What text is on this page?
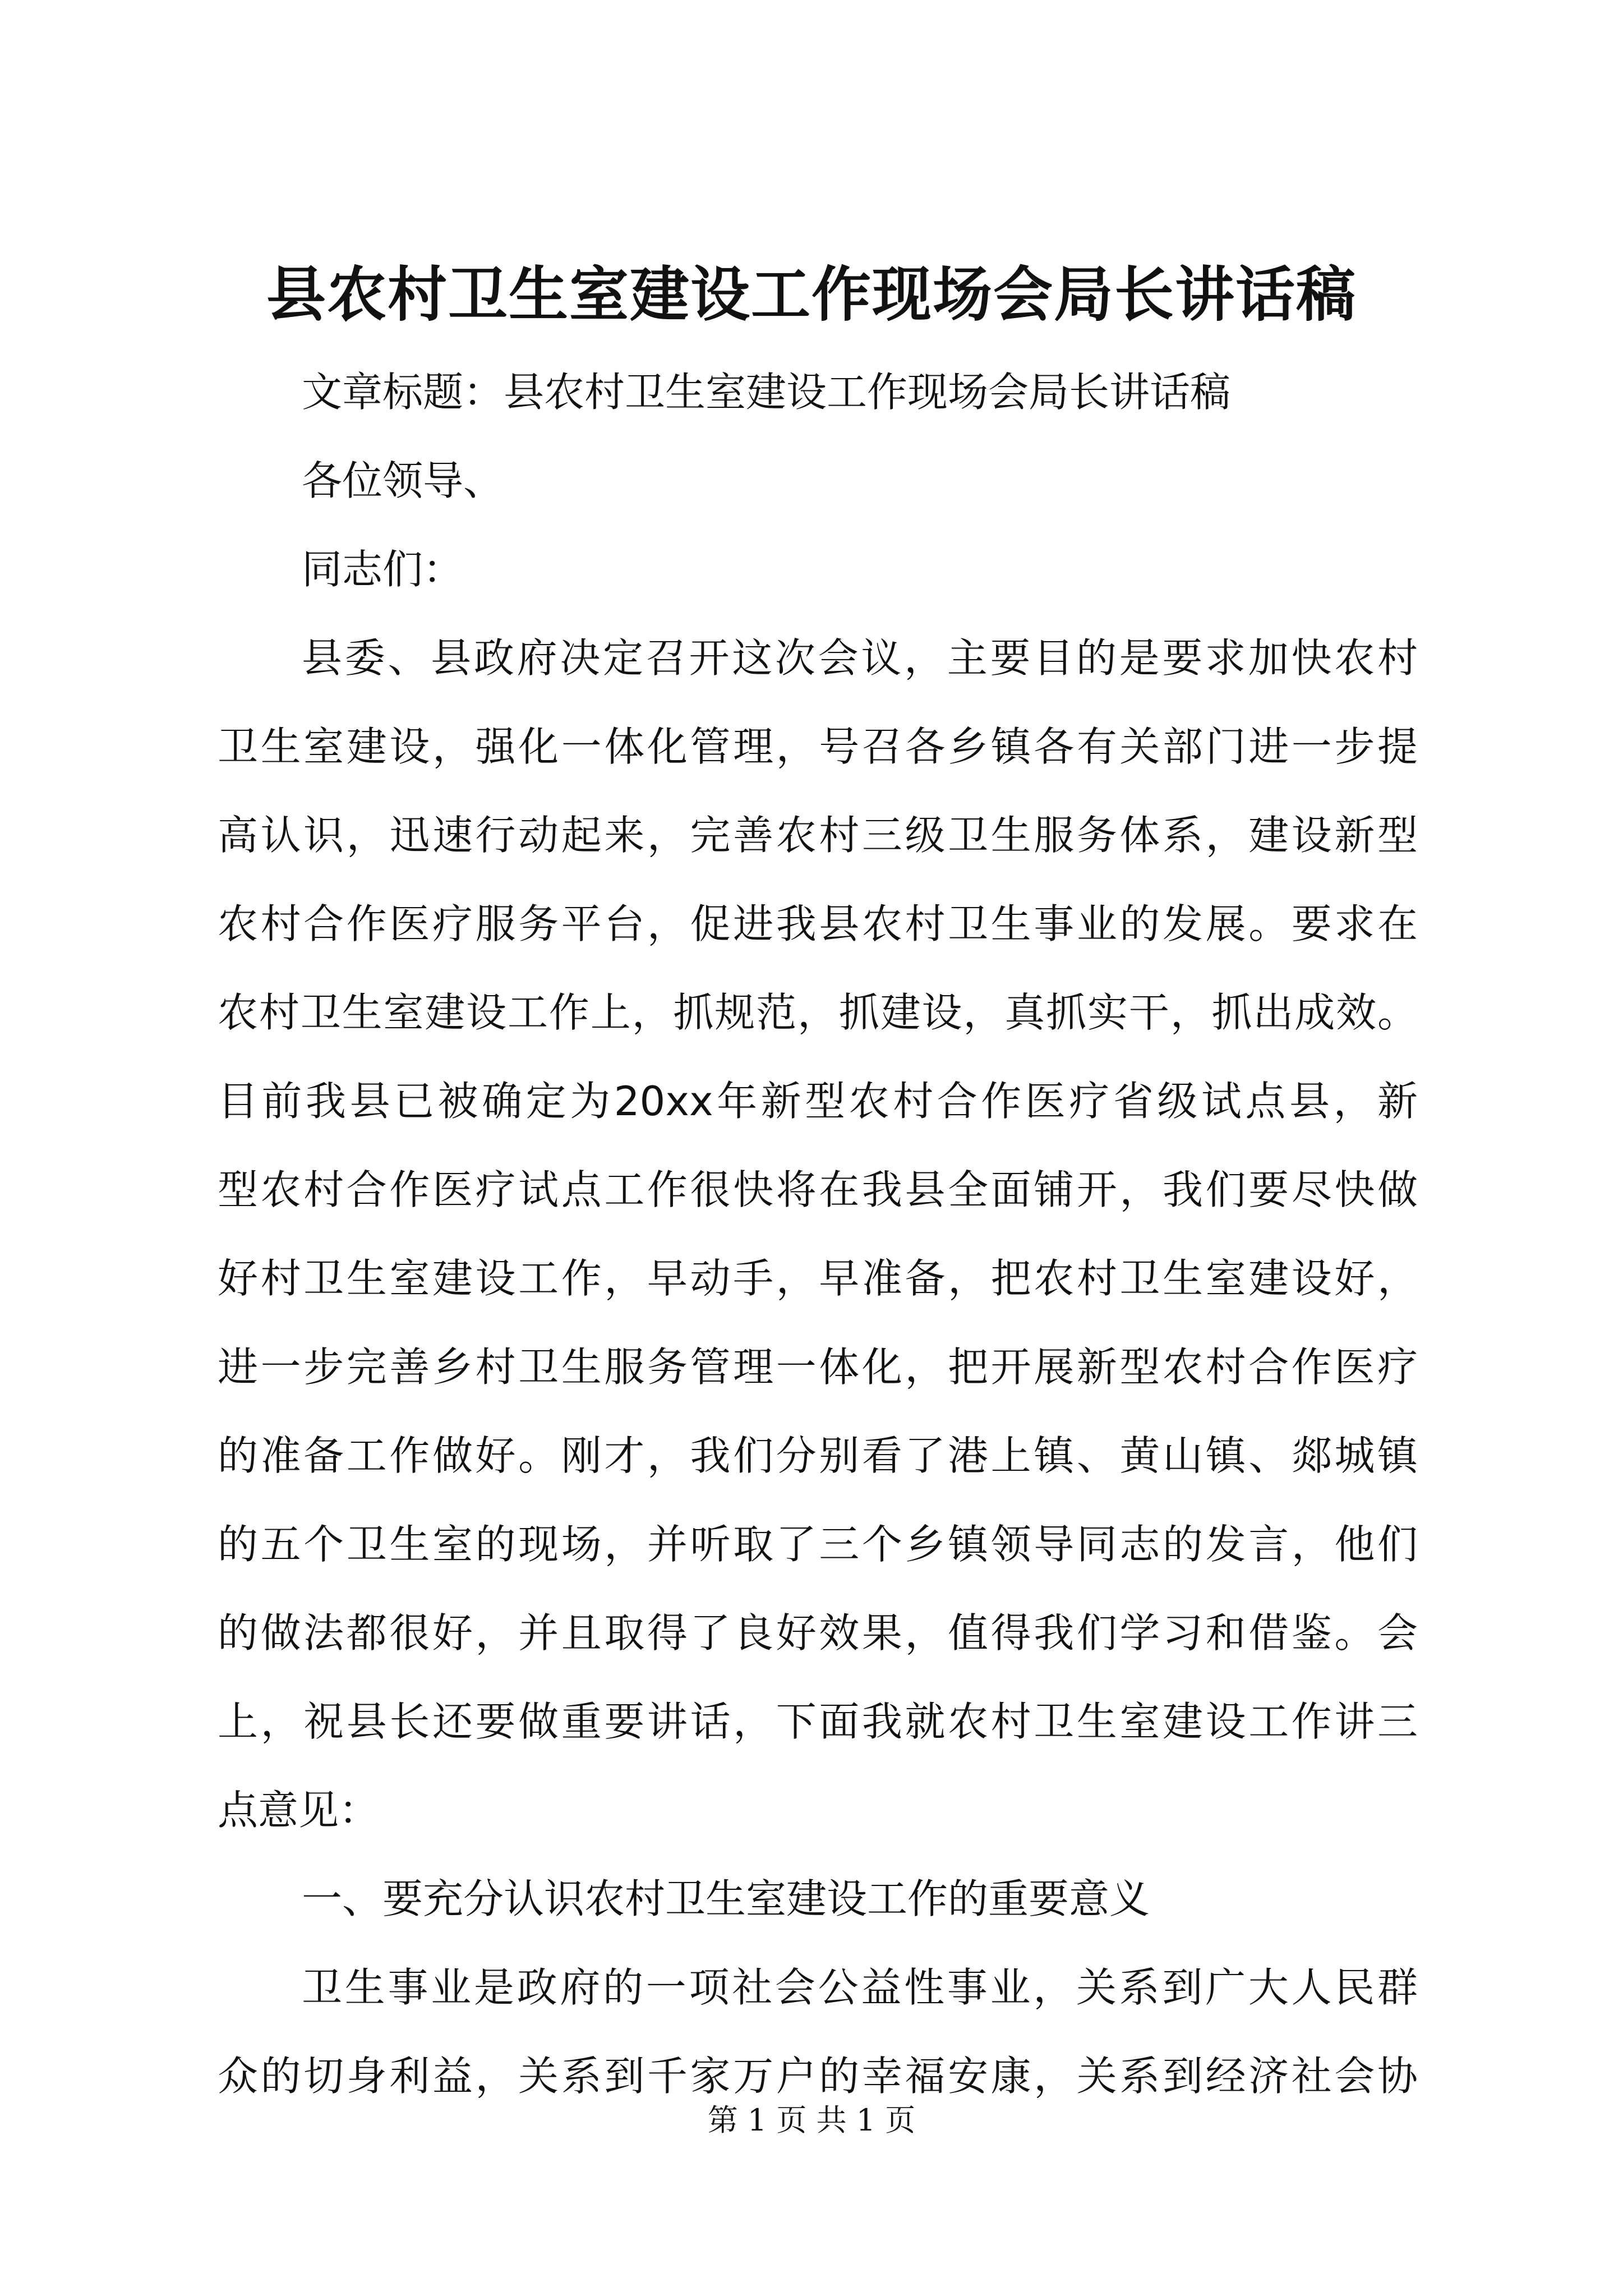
县农村卫生室建设工作现场会局长讲话稿

文章标题：县农村卫生室建设工作现场会局长讲话稿

各位领导、

同志们：

县委、县政府决定召开这次会议，主要目的是要求加快农村

卫生室建设，强化一体化管理，号召各乡镇各有关部门进一步提

高认识，迅速行动起来，完善农村三级卫生服务体系，建设新型

农村合作医疗服务平台，促进我县农村卫生事业的发展。要求在

农村卫生室建设工作上，抓规范，抓建设，真抓实干，抓出成效。

目前我县已被确定为20xx年新型农村合作医疗省级试点县，新

型农村合作医疗试点工作很快将在我县全面铺开，我们要尽快做

好村卫生室建设工作，早动手，早准备，把农村卫生室建设好，

进一步完善乡村卫生服务管理一体化，把开展新型农村合作医疗

的准备工作做好。刚才，我们分别看了港上镇、黄山镇、郯城镇

的五个卫生室的现场，并听取了三个乡镇领导同志的发言，他们

的做法都很好，并且取得了良好效果，值得我们学习和借鉴。会

上，祝县长还要做重要讲话，下面我就农村卫生室建设工作讲三

点意见：

一、要充分认识农村卫生室建设工作的重要意义

卫生事业是政府的一项社会公益性事业，关系到广大人民群

众的切身利益，关系到千家万户的幸福安康，关系到经济社会协

第 1 页 共 1 页
